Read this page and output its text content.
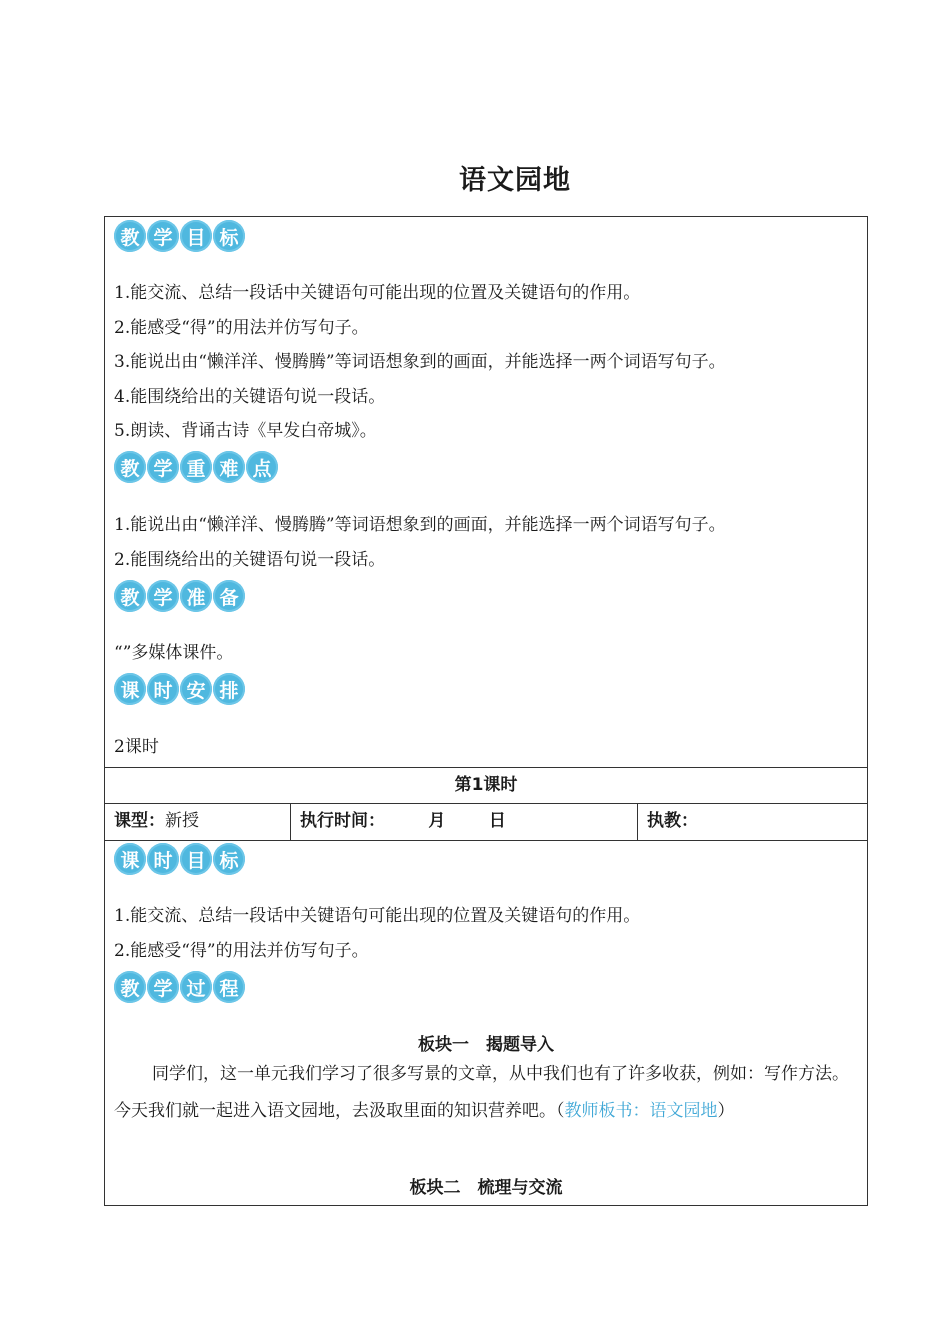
语文园地
教 学 目 标
1.能交流、总结一段话中关键语句可能出现的位置及关键语句的作用。
2.能感受“得”的用法并仿写句子。
3.能说出由“懒洋洋、慢腾腾”等词语想象到的画面，并能选择一两个词语写句子。
4.能围绕给出的关键语句说一段话。
5.朗读、背诵古诗《早发白帝城》。
教 学 重 难 点
1.能说出由“懒洋洋、慢腾腾”等词语想象到的画面，并能选择一两个词语写句子。
2.能围绕给出的关键语句说一段话。
教 学 准 备
“”多媒体课件。
课 时 安 排
2课时
第1课时
课型：新授	执行时间：	月	日	执教：
课 时 目 标
1.能交流、总结一段话中关键语句可能出现的位置及关键语句的作用。
2.能感受“得”的用法并仿写句子。
教 学 过 程
板块一　揭题导入
同学们，这一单元我们学习了很多写景的文章，从中我们也有了许多收获，例如：写作方法。今天我们就一起进入语文园地，去汲取里面的知识营养吧。（教师板书：语文园地）
板块二　梳理与交流
